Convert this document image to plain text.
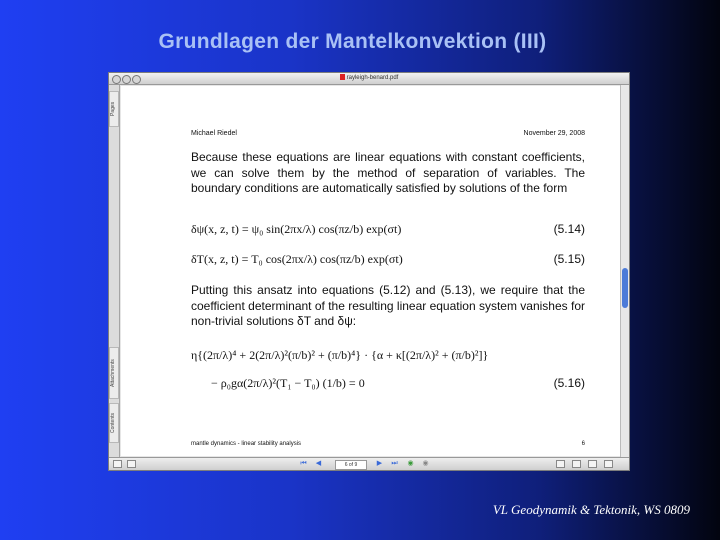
Grundlagen der Mantelkonvektion (III)
rayleigh-benard.pdf
Pages
Attachments
Contents
Michael Riedel	November 29, 2008
Because these equations are linear equations with constant coefficients, we can solve them by the method of separation of variables. The boundary conditions are automatically satisfied by solutions of the form
δψ(x, z, t) = ψ₀ sin(2πx/λ) cos(πz/b) exp(σt)	(5.14)
δT(x, z, t) = T₀ cos(2πx/λ) cos(πz/b) exp(σt)	(5.15)
Putting this ansatz into equations (5.12) and (5.13), we require that the coefficient determinant of the resulting linear equation system vanishes for non-trivial solutions δT and δψ:
η{(2π/λ)⁴ + 2(2π/λ)²(π/b)² + (π/b)⁴} · {α + κ[(2π/λ)² + (π/b)²]}
− ρ₀gα(2π/λ)²(T₁ − T₀) (1/b) = 0	(5.16)
mantle dynamics - linear stability analysis	6
⏮ ◀	6 of 9	▶ ⏭ ◉ ◉
VL Geodynamik & Tektonik, WS 0809
